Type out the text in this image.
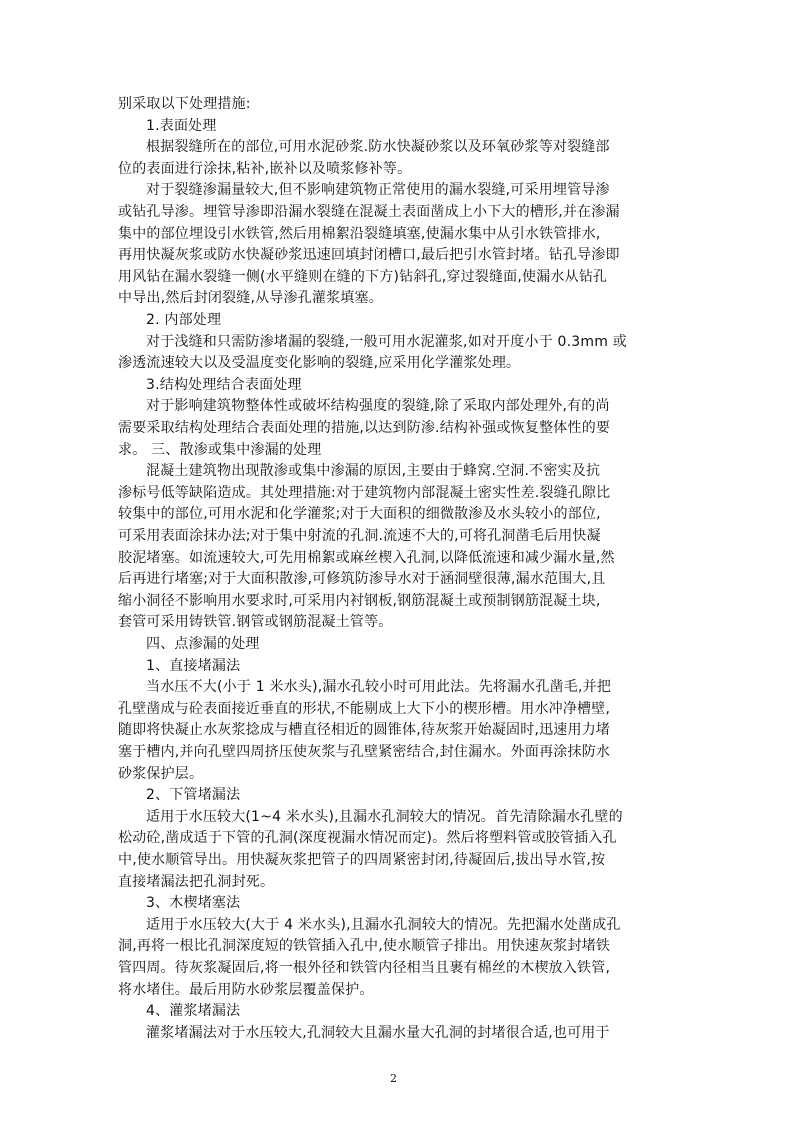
别采取以下处理措施:
1.表面处理
根据裂缝所在的部位,可用水泥砂浆.防水快凝砂浆以及环氧砂浆等对裂缝部
位的表面进行涂抹,粘补,嵌补以及喷浆修补等。
对于裂缝渗漏量较大,但不影响建筑物正常使用的漏水裂缝,可采用埋管导渗
或钻孔导渗。埋管导渗即沿漏水裂缝在混凝土表面凿成上小下大的槽形,并在渗漏
集中的部位埋设引水铁管,然后用棉絮沿裂缝填塞,使漏水集中从引水铁管排水,
再用快凝灰浆或防水快凝砂浆迅速回填封闭槽口,最后把引水管封堵。钻孔导渗即
用风钻在漏水裂缝一侧(水平缝则在缝的下方)钻斜孔,穿过裂缝面,使漏水从钻孔
中导出,然后封闭裂缝,从导渗孔灌浆填塞。
2. 内部处理
对于浅缝和只需防渗堵漏的裂缝,一般可用水泥灌浆,如对开度小于 0.3mm 或
渗透流速较大以及受温度变化影响的裂缝,应采用化学灌浆处理。
3.结构处理结合表面处理
对于影响建筑物整体性或破坏结构强度的裂缝,除了采取内部处理外,有的尚
需要采取结构处理结合表面处理的措施,以达到防渗.结构补强或恢复整体性的要
求。 三、散渗或集中渗漏的处理
混凝土建筑物出现散渗或集中渗漏的原因,主要由于蜂窝.空洞.不密实及抗
渗标号低等缺陷造成。其处理措施:对于建筑物内部混凝土密实性差.裂缝孔隙比
较集中的部位,可用水泥和化学灌浆;对于大面积的细微散渗及水头较小的部位,
可采用表面涂抹办法;对于集中射流的孔洞.流速不大的,可将孔洞凿毛后用快凝
胶泥堵塞。如流速较大,可先用棉絮或麻丝楔入孔洞,以降低流速和减少漏水量,然
后再进行堵塞;对于大面积散渗,可修筑防渗导水对于涵洞壁很薄,漏水范围大,且
缩小洞径不影响用水要求时,可采用内衬钢板,钢筋混凝土或预制钢筋混凝土块,
套管可采用铸铁管.钢管或钢筋混凝土管等。
四、点渗漏的处理
1、直接堵漏法
当水压不大(小于 1 米水头),漏水孔较小时可用此法。先将漏水孔凿毛,并把
孔壁凿成与砼表面接近垂直的形状,不能剔成上大下小的楔形槽。用水冲净槽壁,
随即将快凝止水灰浆捻成与槽直径相近的圆锥体,待灰浆开始凝固时,迅速用力堵
塞于槽内,并向孔壁四周挤压使灰浆与孔壁紧密结合,封住漏水。外面再涂抹防水
砂浆保护层。
2、下管堵漏法
适用于水压较大(1~4 米水头),且漏水孔洞较大的情况。首先清除漏水孔壁的
松动砼,凿成适于下管的孔洞(深度视漏水情况而定)。然后将塑料管或胶管插入孔
中,使水顺管导出。用快凝灰浆把管子的四周紧密封闭,待凝固后,拔出导水管,按
直接堵漏法把孔洞封死。
3、木楔堵塞法
适用于水压较大(大于 4 米水头),且漏水孔洞较大的情况。先把漏水处凿成孔
洞,再将一根比孔洞深度短的铁管插入孔中,使水顺管子排出。用快速灰浆封堵铁
管四周。待灰浆凝固后,将一根外径和铁管内径相当且裹有棉丝的木楔放入铁管,
将水堵住。最后用防水砂浆层覆盖保护。
4、灌浆堵漏法
灌浆堵漏法对于水压较大,孔洞较大且漏水量大孔洞的封堵很合适,也可用于
2
